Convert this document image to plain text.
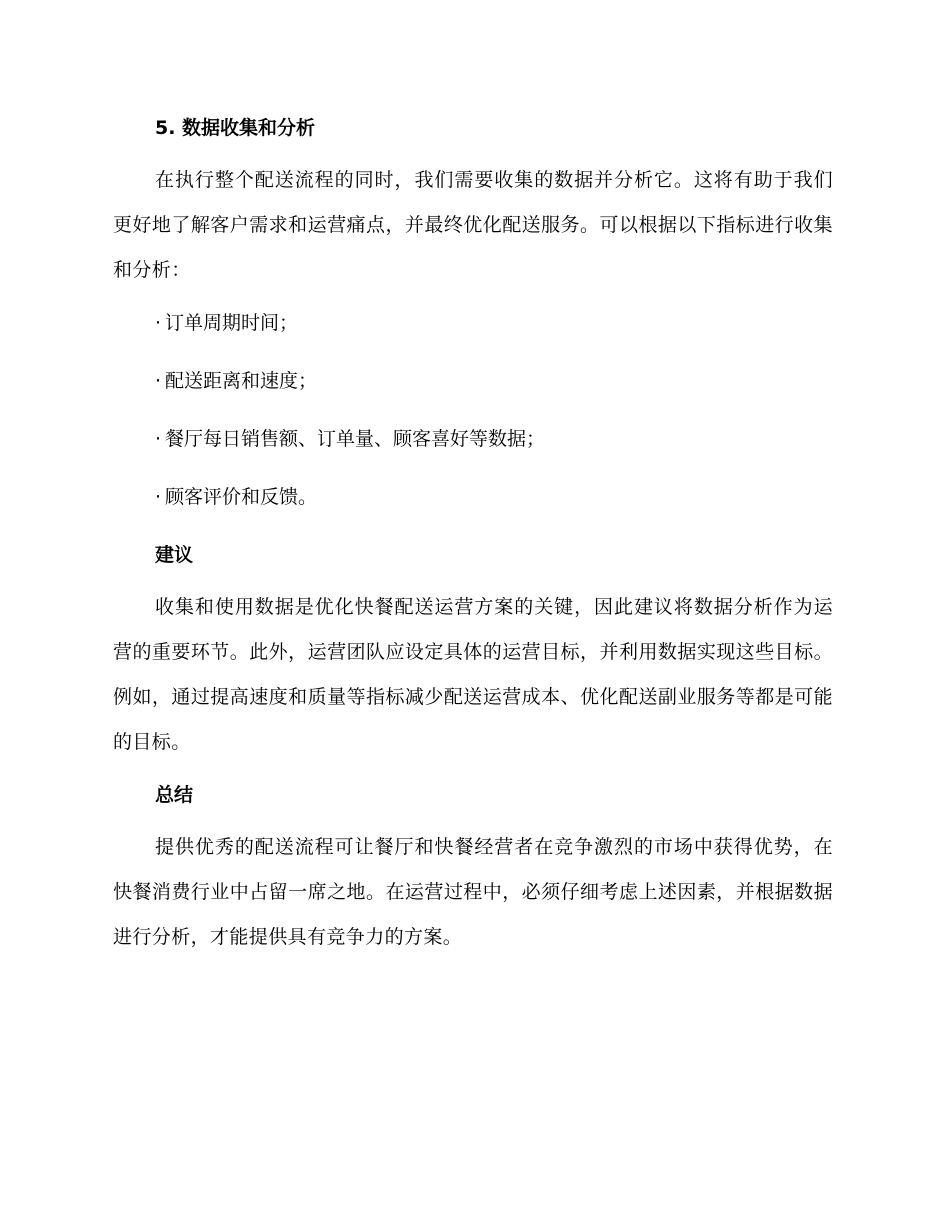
5. 数据收集和分析

在执行整个配送流程的同时，我们需要收集的数据并分析它。这将有助于我们更好地了解客户需求和运营痛点，并最终优化配送服务。可以根据以下指标进行收集和分析：

· 订单周期时间；
· 配送距离和速度；
· 餐厅每日销售额、订单量、顾客喜好等数据；
· 顾客评价和反馈。
建议

收集和使用数据是优化快餐配送运营方案的关键，因此建议将数据分析作为运营的重要环节。此外，运营团队应设定具体的运营目标，并利用数据实现这些目标。例如，通过提高速度和质量等指标减少配送运营成本、优化配送副业服务等都是可能的目标。

总结

提供优秀的配送流程可让餐厅和快餐经营者在竞争激烈的市场中获得优势，在快餐消费行业中占留一席之地。在运营过程中，必须仔细考虑上述因素，并根据数据进行分析，才能提供具有竞争力的方案。
